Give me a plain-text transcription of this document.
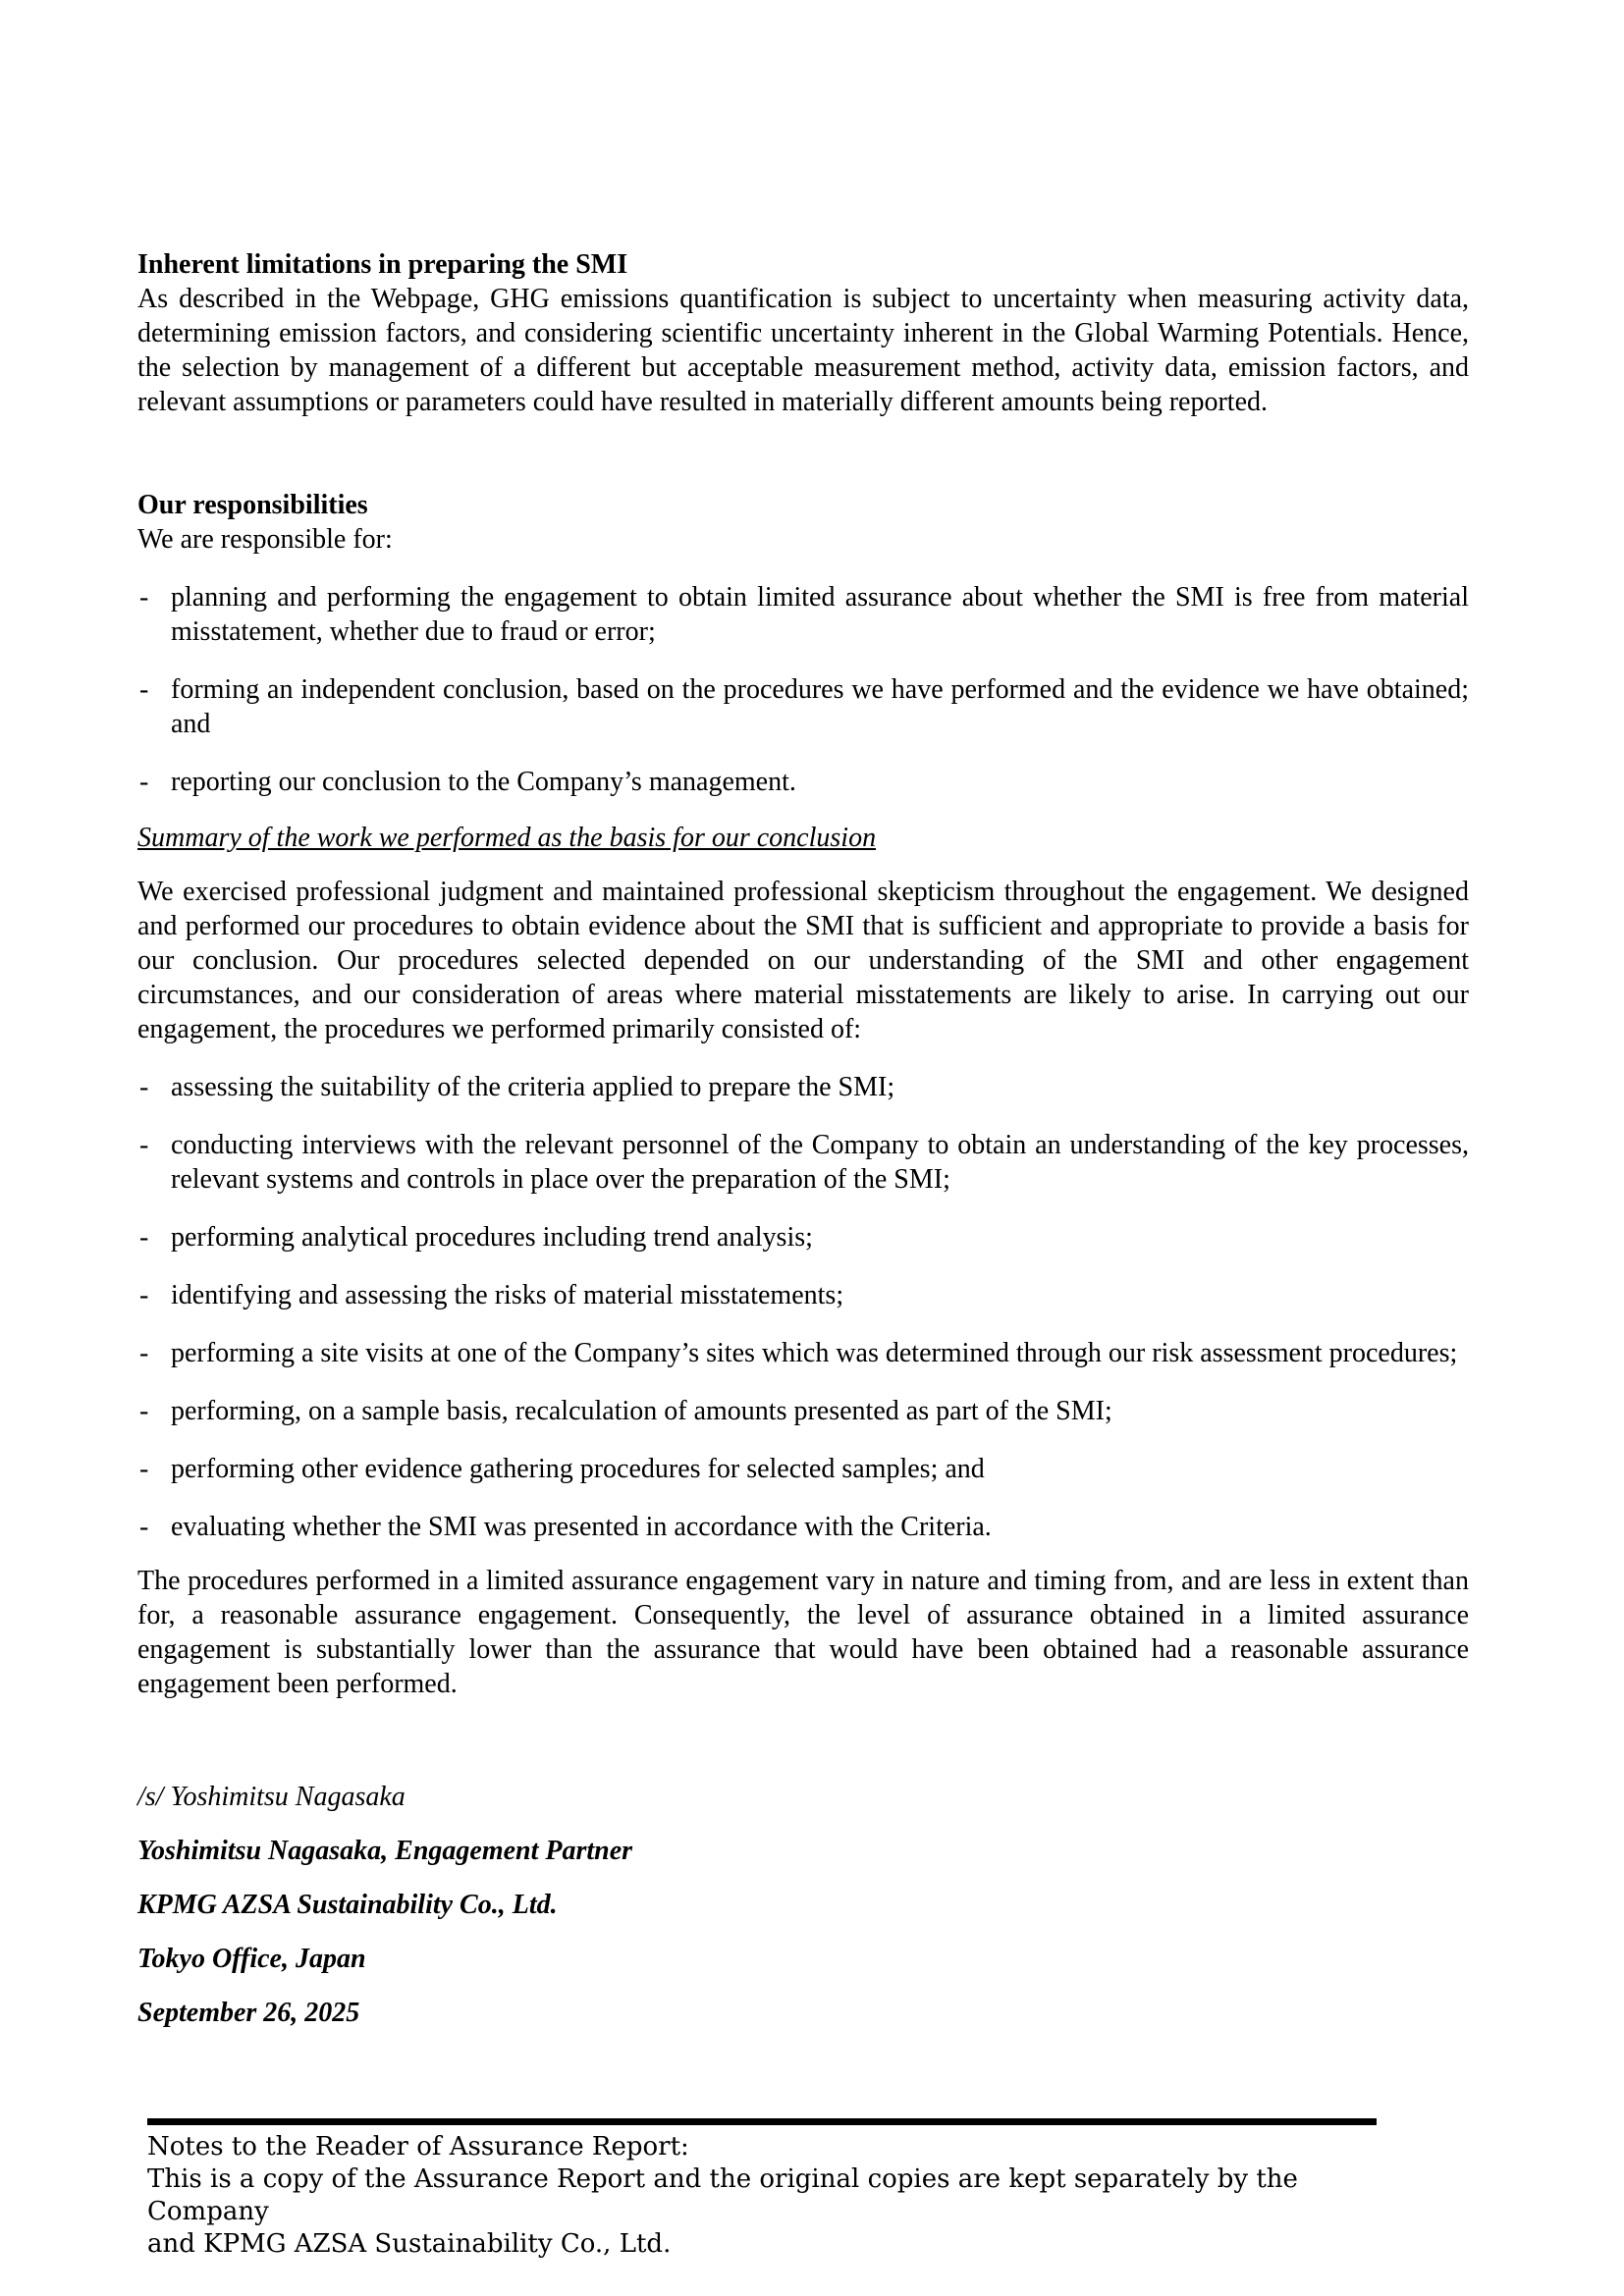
Inherent limitations in preparing the SMI

As described in the Webpage, GHG emissions quantification is subject to uncertainty when measuring activity data, determining emission factors, and considering scientific uncertainty inherent in the Global Warming Potentials. Hence, the selection by management of a different but acceptable measurement method, activity data, emission factors, and relevant assumptions or parameters could have resulted in materially different amounts being reported.

Our responsibilities

We are responsible for:

- planning and performing the engagement to obtain limited assurance about whether the SMI is free from material misstatement, whether due to fraud or error;
- forming an independent conclusion, based on the procedures we have performed and the evidence we have obtained; and
- reporting our conclusion to the Company’s management.

Summary of the work we performed as the basis for our conclusion

We exercised professional judgment and maintained professional skepticism throughout the engagement. We designed and performed our procedures to obtain evidence about the SMI that is sufficient and appropriate to provide a basis for our conclusion. Our procedures selected depended on our understanding of the SMI and other engagement circumstances, and our consideration of areas where material misstatements are likely to arise. In carrying out our engagement, the procedures we performed primarily consisted of:

- assessing the suitability of the criteria applied to prepare the SMI;
- conducting interviews with the relevant personnel of the Company to obtain an understanding of the key processes, relevant systems and controls in place over the preparation of the SMI;
- performing analytical procedures including trend analysis;
- identifying and assessing the risks of material misstatements;
- performing a site visits at one of the Company’s sites which was determined through our risk assessment procedures;
- performing, on a sample basis, recalculation of amounts presented as part of the SMI;
- performing other evidence gathering procedures for selected samples; and
- evaluating whether the SMI was presented in accordance with the Criteria.

The procedures performed in a limited assurance engagement vary in nature and timing from, and are less in extent than for, a reasonable assurance engagement. Consequently, the level of assurance obtained in a limited assurance engagement is substantially lower than the assurance that would have been obtained had a reasonable assurance engagement been performed.

/s/ Yoshimitsu Nagasaka

Yoshimitsu Nagasaka, Engagement Partner

KPMG AZSA Sustainability Co., Ltd.

Tokyo Office, Japan

September 26, 2025

Notes to the Reader of Assurance Report:

This is a copy of the Assurance Report and the original copies are kept separately by the Company

and KPMG AZSA Sustainability Co., Ltd.
